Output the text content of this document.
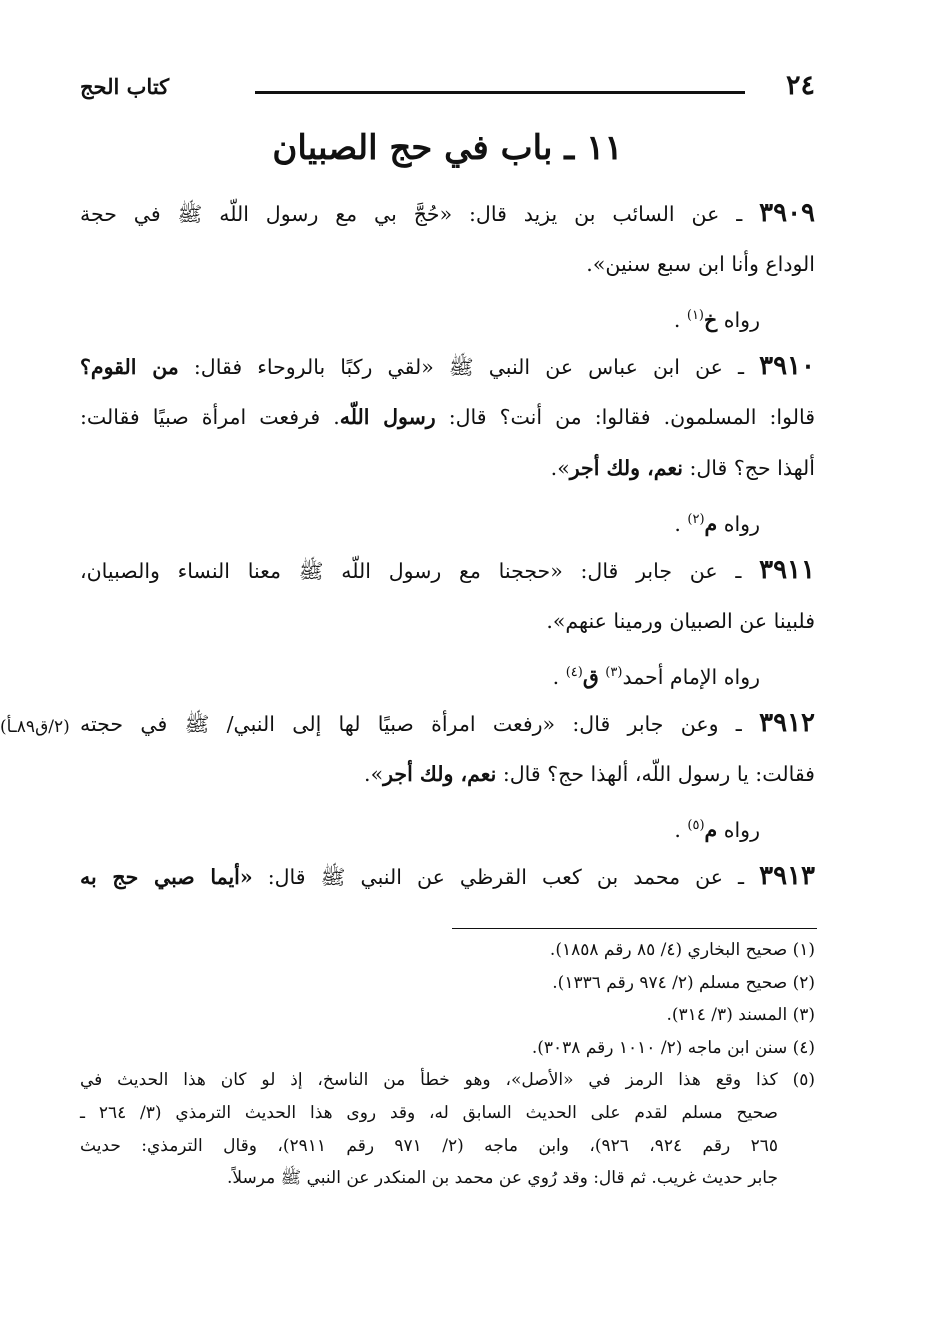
كتاب الحج	٢٤
١١ ـ باب في حج الصبيان
(٢/ق٨٩ـأ)
٣٩٠٩ ـ عن السائب بن يزيد قال: «حُجَّ بي مع رسول اللّه ﷺ في حجة
الوداع وأنا ابن سبع سنين».
رواه خ$^{(١)}$ .
٣٩١٠ ـ عن ابن عباس عن النبي ﷺ «لقي ركبًا بالروحاء فقال: من القوم؟
قالوا: المسلمون. فقالوا: من أنت؟ قال: رسول اللّه. فرفعت امرأة صبيًا فقالت:
ألهذا حج؟ قال: نعم، ولك أجر».
رواه م$^{(٢)}$ .
٣٩١١ ـ عن جابر قال: «حججنا مع رسول اللّه ﷺ معنا النساء والصبيان،
فلبينا عن الصبيان ورمينا عنهم».
رواه الإمام أحمد$^{(٣)}$ ق$^{(٤)}$ .
٣٩١٢ ـ وعن جابر قال: «رفعت امرأة صبيًا لها إلى النبي/ ﷺ في حجته
فقالت: يا رسول اللّه، ألهذا حج؟ قال: نعم، ولك أجر».
رواه م$^{(٥)}$ .
٣٩١٣ ـ عن محمد بن كعب القرظي عن النبي ﷺ قال: «أيما صبي حج به
(١) صحيح البخاري (٤/ ٨٥ رقم ١٨٥٨).
(٢) صحيح مسلم (٢/ ٩٧٤ رقم ١٣٣٦).
(٣) المسند (٣/ ٣١٤).
(٤) سنن ابن ماجه (٢/ ١٠١٠ رقم ٣٠٣٨).
(٥) كذا وقع هذا الرمز في «الأصل»، وهو خطأ من الناسخ، إذ لو كان هذا الحديث في
صحيح مسلم لقدم على الحديث السابق له، وقد روى هذا الحديث الترمذي (٣/ ٢٦٤ ـ
٢٦٥ رقم ٩٢٤، ٩٢٦)، وابن ماجه (٢/ ٩٧١ رقم ٢٩١١)، وقال الترمذي: حديث
جابر حديث غريب. ثم قال: وقد رُوي عن محمد بن المنكدر عن النبي ﷺ مرسلاً.
